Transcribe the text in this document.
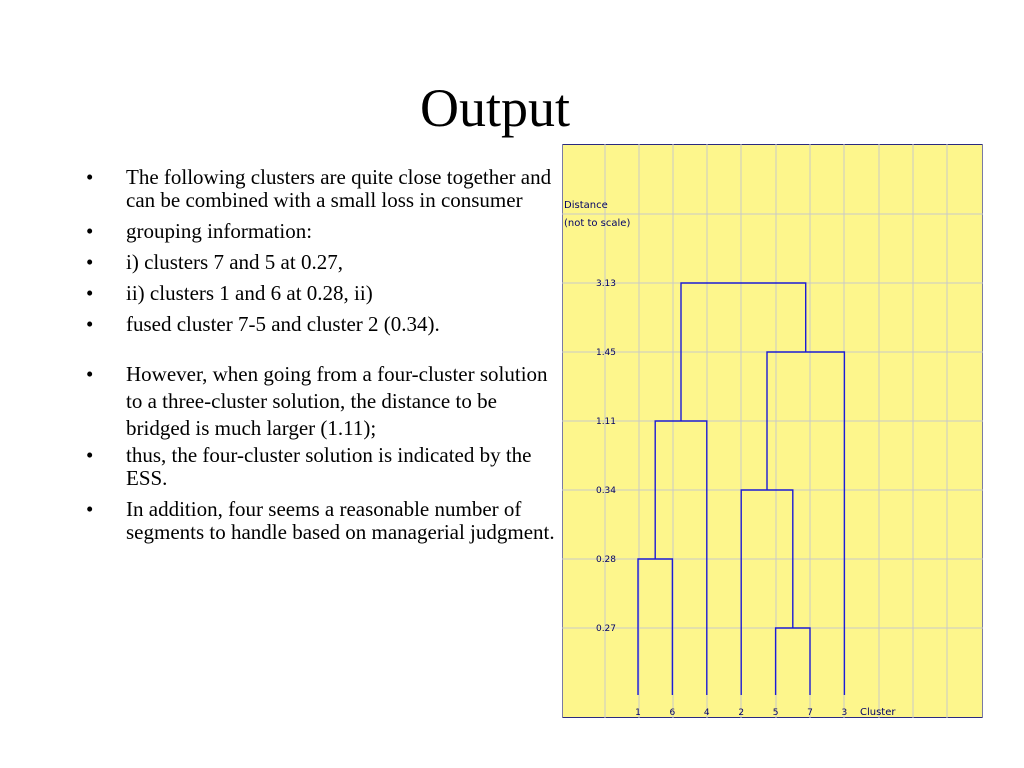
Output
• The following clusters are quite close together and can be combined with a small loss in consumer
• grouping information:
• i) clusters 7 and 5 at 0.27,
• ii) clusters 1 and 6 at 0.28, ii)
• fused cluster 7-5 and cluster 2 (0.34).
• However, when going from a four-cluster solution to a three-cluster solution, the distance to be bridged is much larger (1.11);
• thus, the four-cluster solution is indicated by the ESS.
• In addition, four seems a reasonable number of segments to handle based on managerial judgment.
Distance
(not to scale)
3.13
1.45
1.11
0.34
0.28
0.27
1	6	4	2	5	7	3 Cluster
